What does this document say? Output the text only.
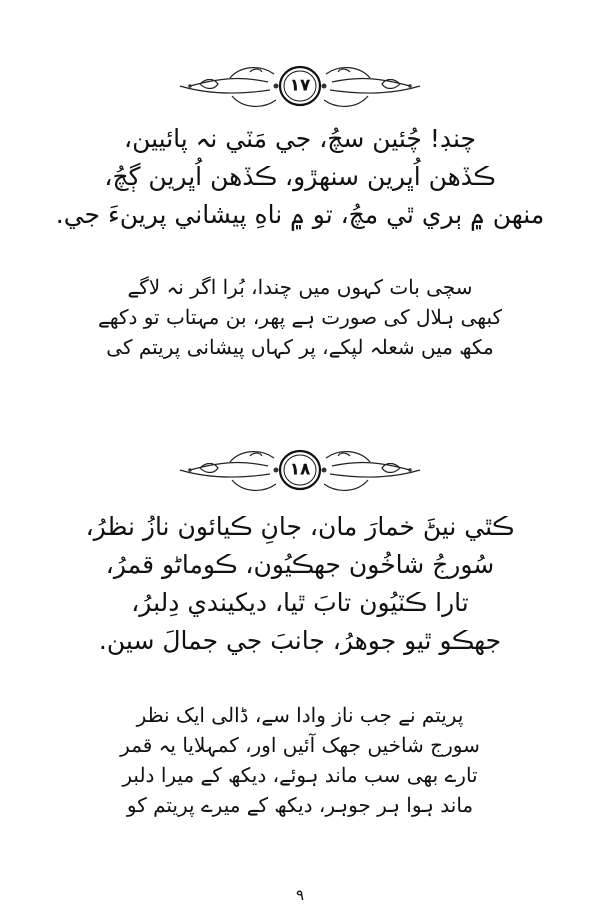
١٧
چنڊ! چُئين سچُ، جي مَٽي نہ پائيين،
ڪڏهن اُڀرين سنهڙو، ڪڏهن اُڀرين ڳچُ،
منهن ۾ ٻري ٿي مچُ، تو ۾ ناهِ پيشاني پرينءَ جي.
سچی بات کہوں میں چندا، بُرا اگر نہ لاگے
کبھی ہلال کی صورت ہے پھر، بن مہتاب تو دکھے
مکھ میں شعلہ لپکے، پر کہاں پیشانی پریتم کی
١٨
ڪٿي نيڻَ خمارَ مان، جانِ ڪيائون نازُ نظرُ،
سُورجُ شاخُون جهڪيُون، ڪوماڻو قمرُ،
تارا ڪٽيُون تابَ ٿيا، ديکيندي دِلبرُ،
جهڪو ٿيو جوهرُ، جانبَ جي جمالَ سين.
پریتم نے جب ناز وادا سے، ڈالی ایک نظر
سورج شاخیں جھک آئیں اور، کمہلایا یہ قمر
تارے بھی سب ماند ہوئے، دیکھ کے میرا دلبر
ماند ہوا ہر جوہر، دیکھ کے میرے پریتم کو
٩
